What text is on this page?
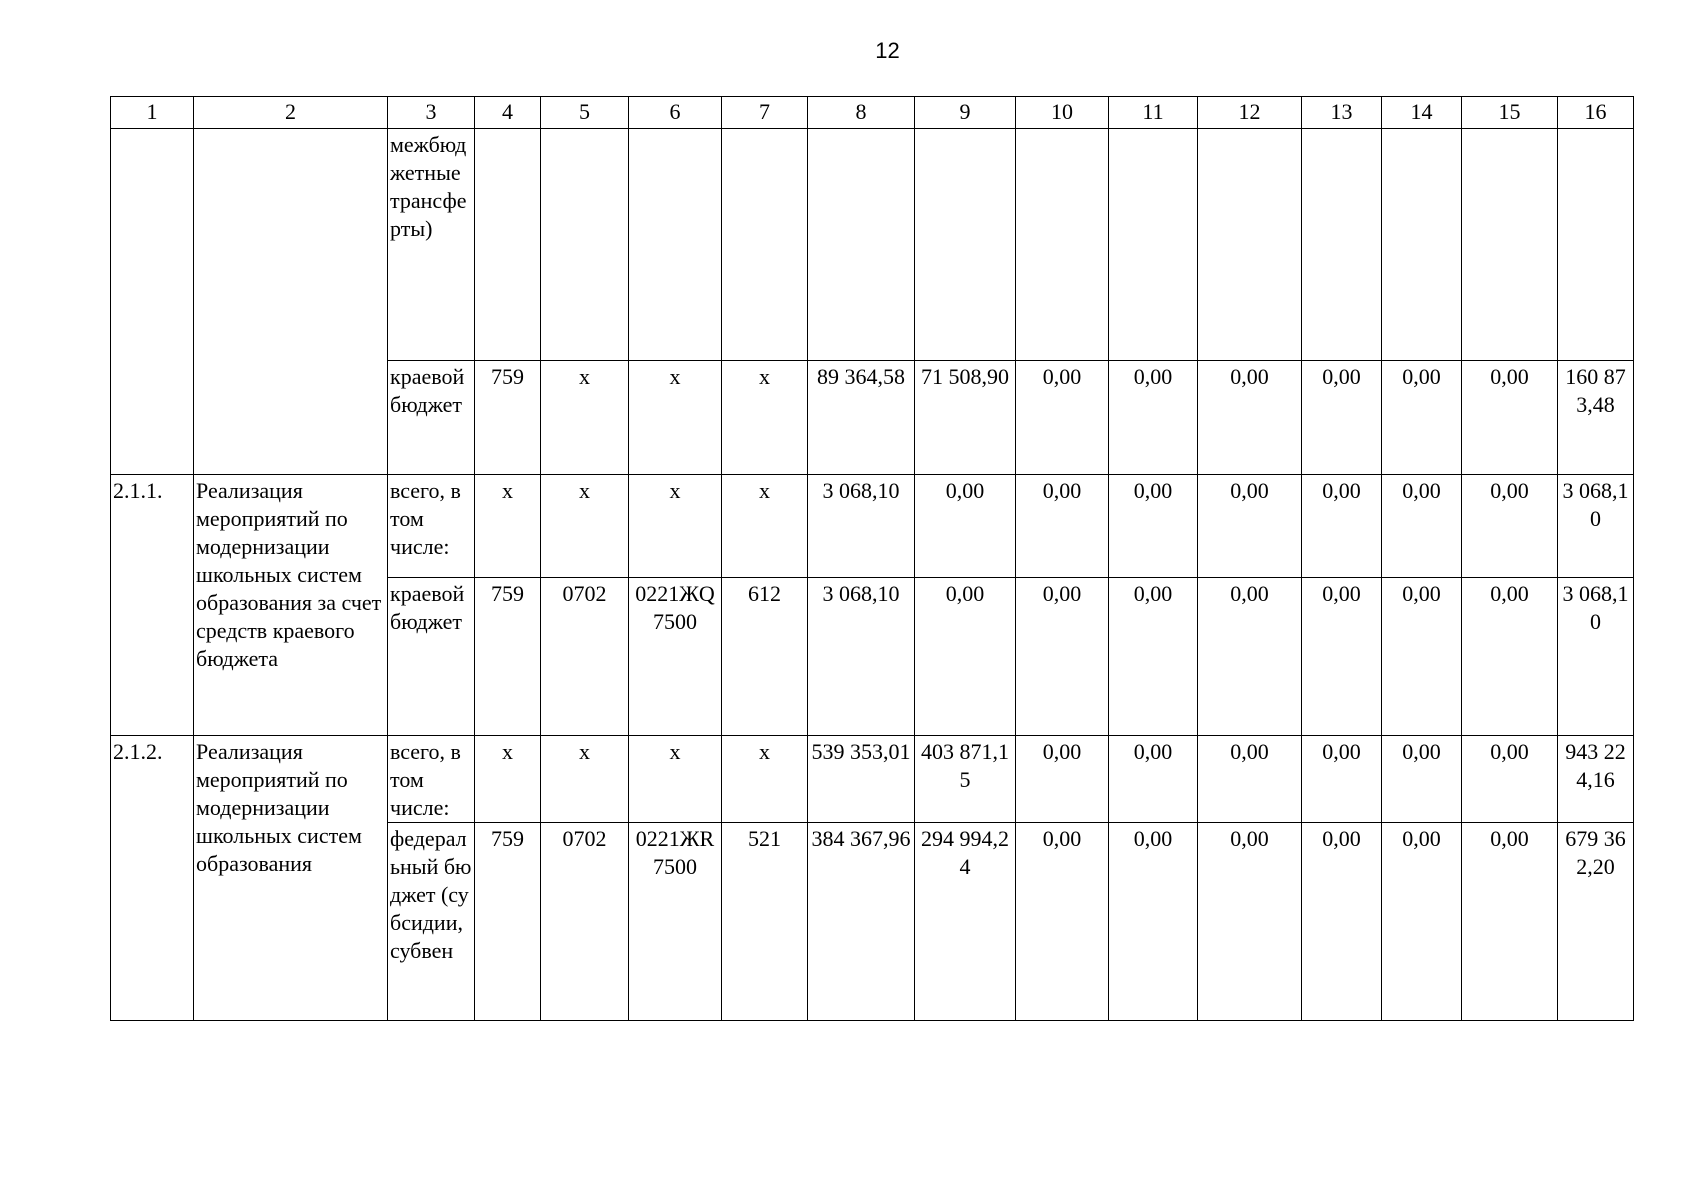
12
1	2	3	4	5	6	7	8	9	10	11	12	13	14	15	16
		межбюджетные трансферты)													
		краевой бюджет	759	х	х	х	89 364,58	71 508,90	0,00	0,00	0,00	0,00	0,00	0,00	160 873,48
2.1.1.	Реализация мероприятий по модернизации школьных систем образования за счет средств краевого бюджета	всего, в том числе:	х	х	х	х	3 068,10	0,00	0,00	0,00	0,00	0,00	0,00	0,00	3 068,10
		краевой бюджет	759	0702	0221ЖQ7500	612	3 068,10	0,00	0,00	0,00	0,00	0,00	0,00	0,00	3 068,10
2.1.2.	Реализация мероприятий по модернизации школьных систем образования	всего, в том числе:	х	х	х	х	539 353,01	403 871,15	0,00	0,00	0,00	0,00	0,00	0,00	943 224,16
		федеральный бюджет (субсидии, субвен	759	0702	0221ЖR7500	521	384 367,96	294 994,24	0,00	0,00	0,00	0,00	0,00	0,00	679 362,20
